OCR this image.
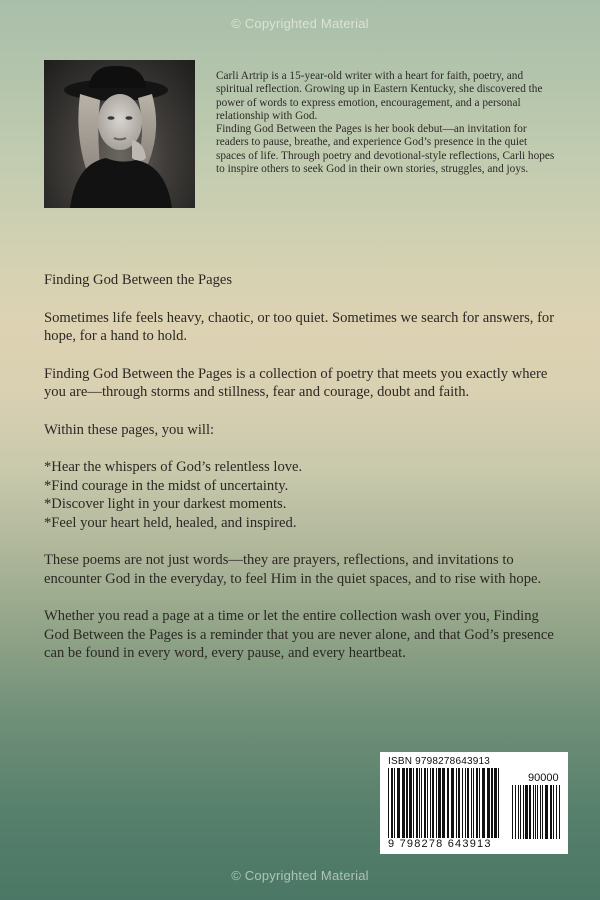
© Copyrighted Material

Carli Artrip is a 15-year-old writer with a heart for faith, poetry, and spiritual reflection. Growing up in Eastern Kentucky, she discovered the power of words to express emotion, encouragement, and a personal relationship with God.

Finding God Between the Pages is her book debut—an invitation for readers to pause, breathe, and experience God’s presence in the quiet spaces of life. Through poetry and devotional-style reflections, Carli hopes to inspire others to seek God in their own stories, struggles, and joys.

Finding God Between the Pages

Sometimes life feels heavy, chaotic, or too quiet. Sometimes we search for answers, for hope, for a hand to hold.

Finding God Between the Pages is a collection of poetry that meets you exactly where you are—through storms and stillness, fear and courage, doubt and faith.

Within these pages, you will:

*Hear the whispers of God’s relentless love.

*Find courage in the midst of uncertainty.

*Discover light in your darkest moments.

*Feel your heart held, healed, and inspired.

These poems are not just words—they are prayers, reflections, and invitations to encounter God in the everyday, to feel Him in the quiet spaces, and to rise with hope.

Whether you read a page at a time or let the entire collection wash over you, Finding God Between the Pages is a reminder that you are never alone, and that God’s presence can be found in every word, every pause, and every heartbeat.

ISBN 9798278643913
90000
9 798278 643913
© Copyrighted Material
